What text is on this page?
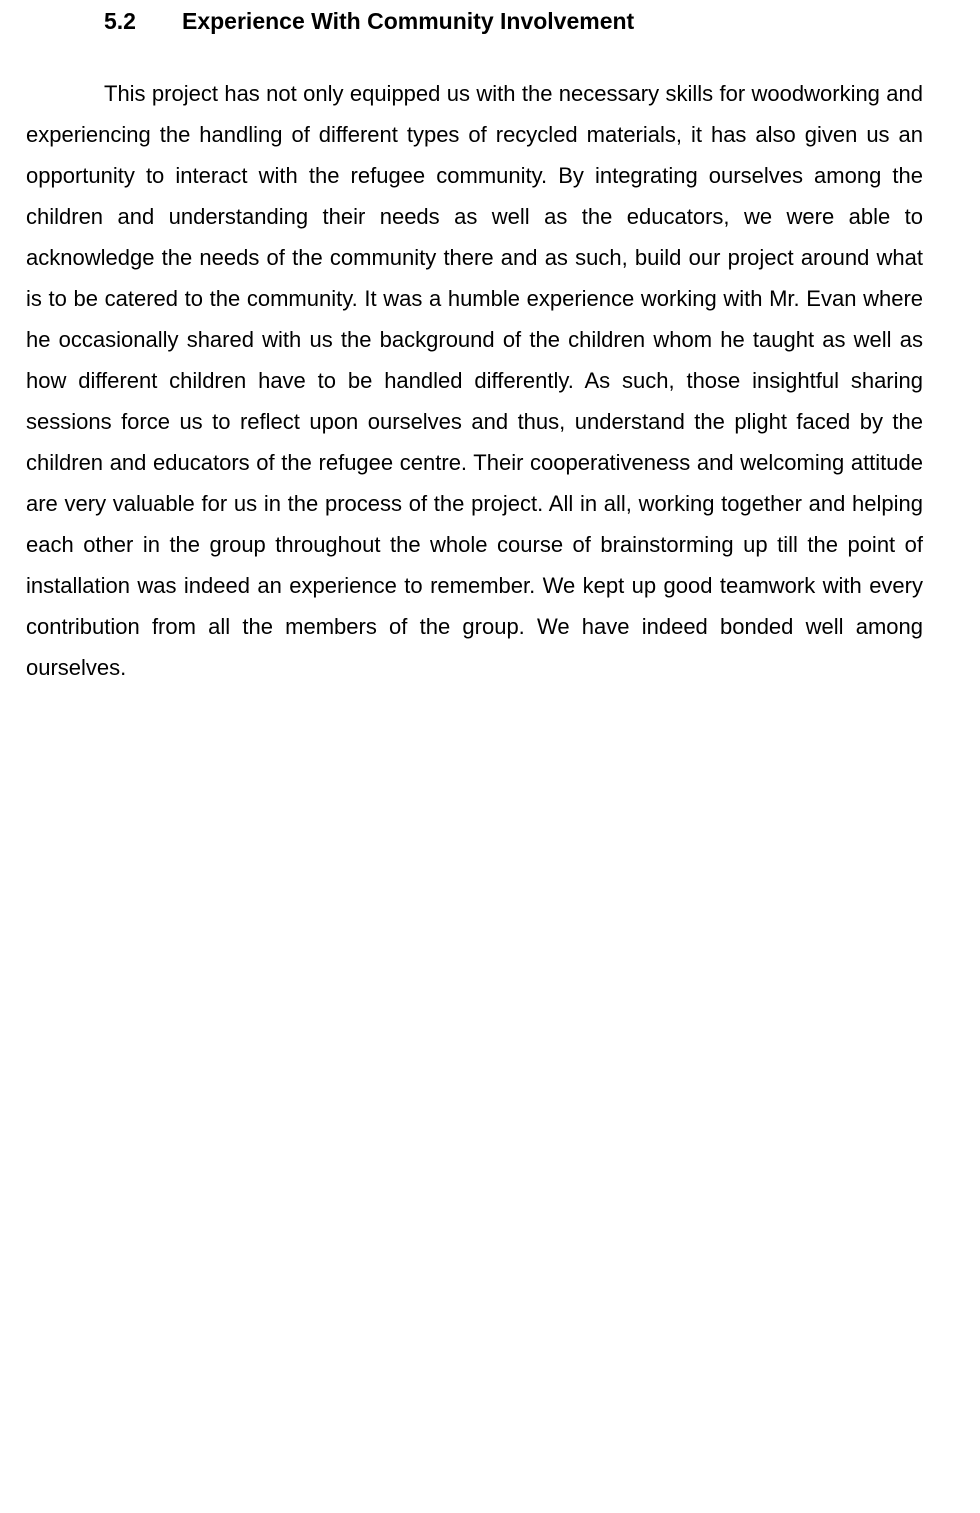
5.2 Experience With Community Involvement

This project has not only equipped us with the necessary skills for woodworking and experiencing the handling of different types of recycled materials, it has also given us an opportunity to interact with the refugee community. By integrating ourselves among the children and understanding their needs as well as the educators, we were able to acknowledge the needs of the community there and as such, build our project around what is to be catered to the community. It was a humble experience working with Mr. Evan where he occasionally shared with us the background of the children whom he taught as well as how different children have to be handled differently. As such, those insightful sharing sessions force us to reflect upon ourselves and thus, understand the plight faced by the children and educators of the refugee centre. Their cooperativeness and welcoming attitude are very valuable for us in the process of the project. All in all, working together and helping each other in the group throughout the whole course of brainstorming up till the point of installation was indeed an experience to remember. We kept up good teamwork with every contribution from all the members of the group. We have indeed bonded well among ourselves.
